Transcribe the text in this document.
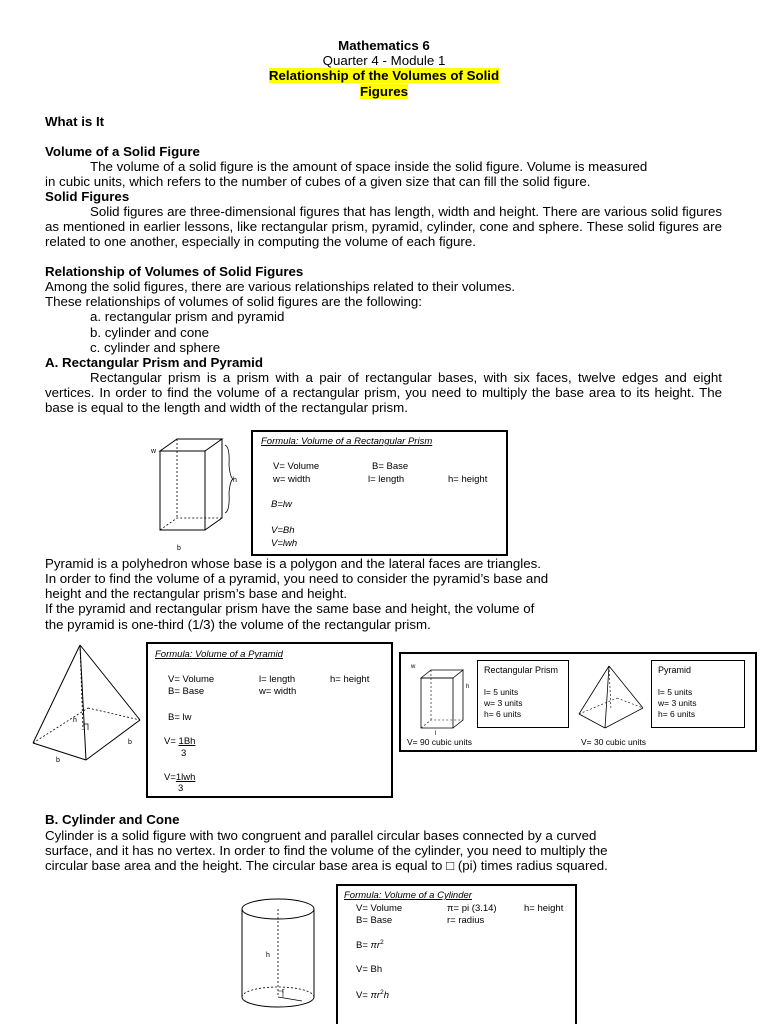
Mathematics 6
Quarter 4 - Module 1
Relationship of the Volumes of Solid
Figures
What is It
Volume of a Solid Figure
The volume of a solid figure is the amount of space inside the solid figure. Volume is measured
in cubic units, which refers to the number of cubes of a given size that can fill the solid figure.
Solid Figures
Solid figures are three-dimensional figures that has length, width and height. There are various solid figures as mentioned in earlier lessons, like rectangular prism, pyramid, cylinder, cone and sphere. These solid figures are related to one another, especially in computing the volume of each figure.
Relationship of Volumes of Solid Figures
Among the solid figures, there are various relationships related to their volumes.
These relationships of volumes of solid figures are the following:
a. rectangular prism and pyramid
b. cylinder and cone
c. cylinder and sphere
A. Rectangular Prism and Pyramid
Rectangular prism is a prism with a pair of rectangular bases, with six faces, twelve edges and eight vertices. In order to find the volume of a rectangular prism, you need to multiply the base area to its height. The base is equal to the length and width of the rectangular prism.
w
h
b
Formula: Volume of a Rectangular Prism
V= Volume	B= Base
w= width	l= length	h= height
B=lw
V=Bh
V=lwh
Pyramid is a polyhedron whose base is a polygon and the lateral faces are triangles.
In order to find the volume of a pyramid, you need to consider the pyramid’s base and
height and the rectangular prism’s base and height.
If the pyramid and rectangular prism have the same base and height, the volume of
the pyramid is one-third (1/3) the volume of the rectangular prism.
h
b
b
Formula: Volume of a Pyramid
V= Volume	l= length	h= height
B= Base	w= width
B= lw
V= 1Bh
3
V=1lwh
3
w
h
l
Rectangular Prism
l= 5 units
w= 3 units
h= 6 units
Pyramid
l= 5 units
w= 3 units
h= 6 units
V= 90 cubic units	V= 30 cubic units
B. Cylinder and Cone
Cylinder is a solid figure with two congruent and parallel circular bases connected by a curved
surface, and it has no vertex. In order to find the volume of the cylinder, you need to multiply the
circular base area and the height. The circular base area is equal to □ (pi) times radius squared.
h
r
Formula: Volume of a Cylinder
V= Volume	π= pi (3.14)	h= height
B= Base	r= radius
$B= \pi r^2$
V= Bh
$V= \pi r^2h$
